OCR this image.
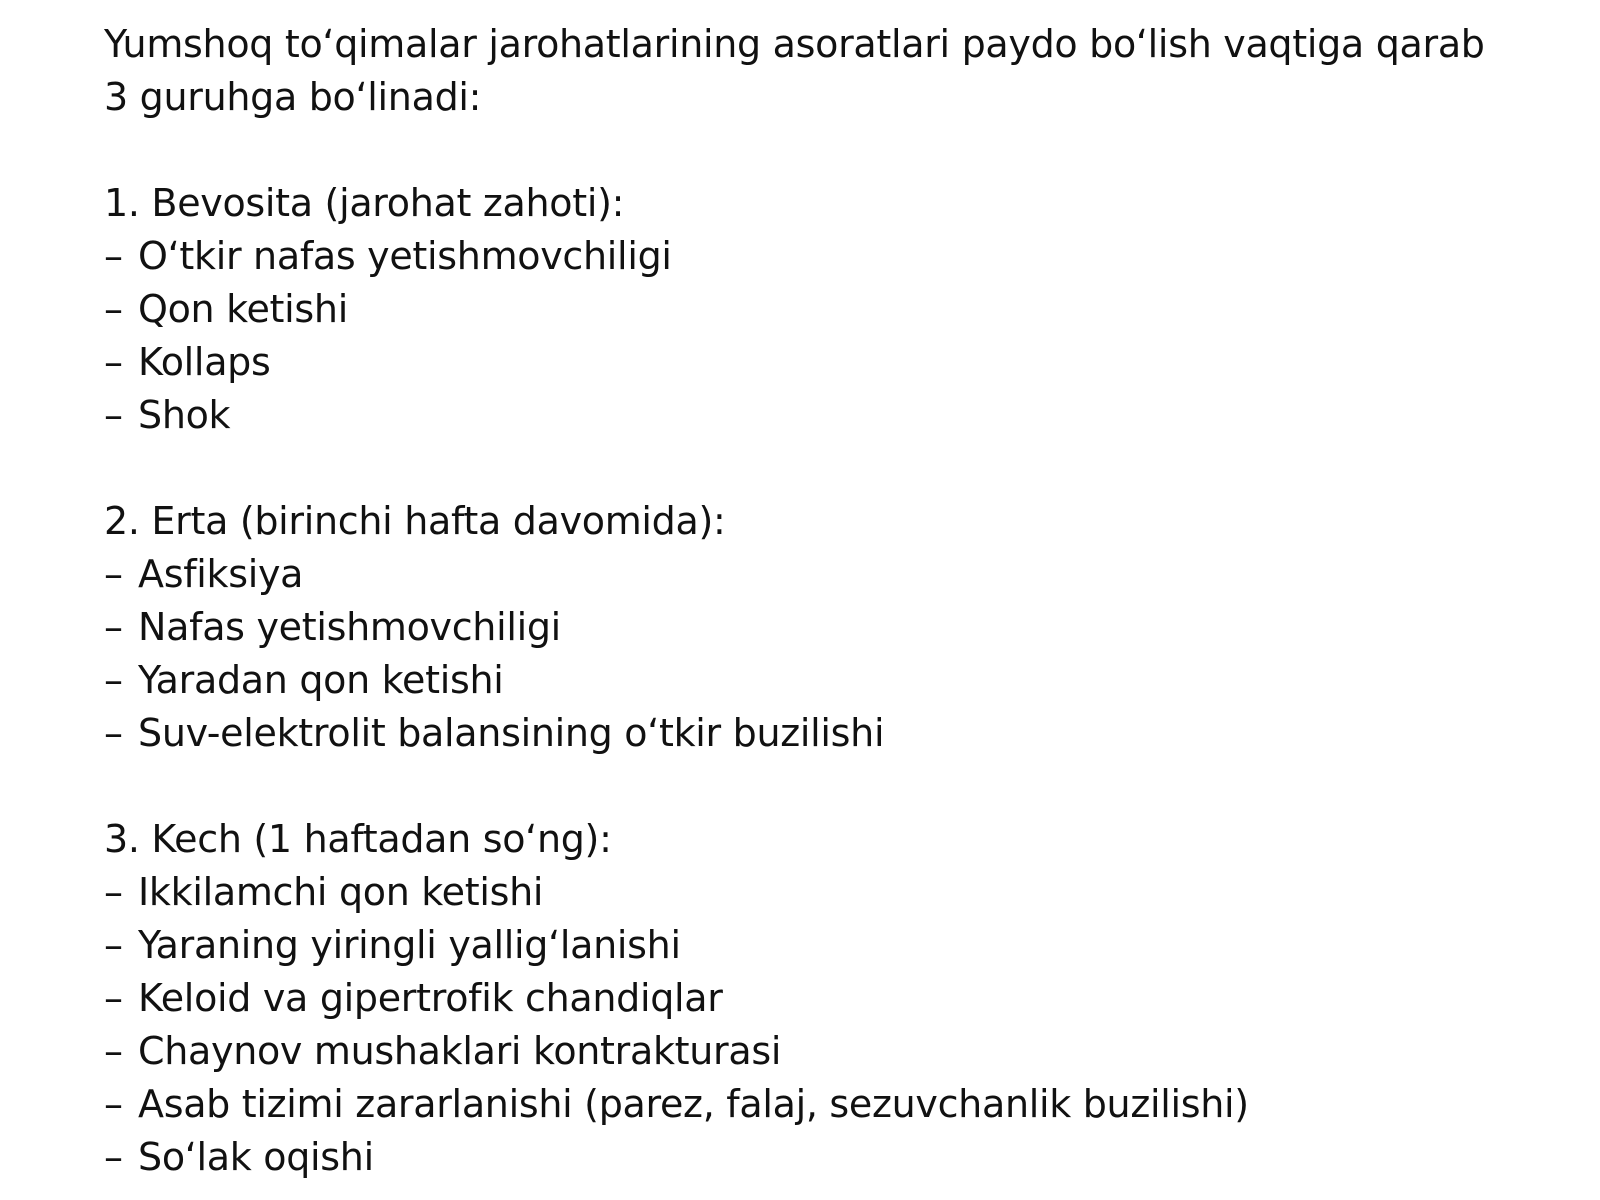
Yumshoq to‘qimalar jarohatlarining asoratlari paydo bo‘lish vaqtiga qarab 3 guruhga bo‘linadi:

1. Bevosita (jarohat zahoti):
– O‘tkir nafas yetishmovchiligi
– Qon ketishi
– Kollaps
– Shok
2. Erta (birinchi hafta davomida):
– Asfiksiya
– Nafas yetishmovchiligi
– Yaradan qon ketishi
– Suv-elektrolit balansining o‘tkir buzilishi
3. Kech (1 haftadan so‘ng):
– Ikkilamchi qon ketishi
– Yaraning yiringli yallig‘lanishi
– Keloid va gipertrofik chandiqlar
– Chaynov mushaklari kontrakturasi
– Asab tizimi zararlanishi (parez, falaj, sezuvchanlik buzilishi)
– So‘lak oqishi
